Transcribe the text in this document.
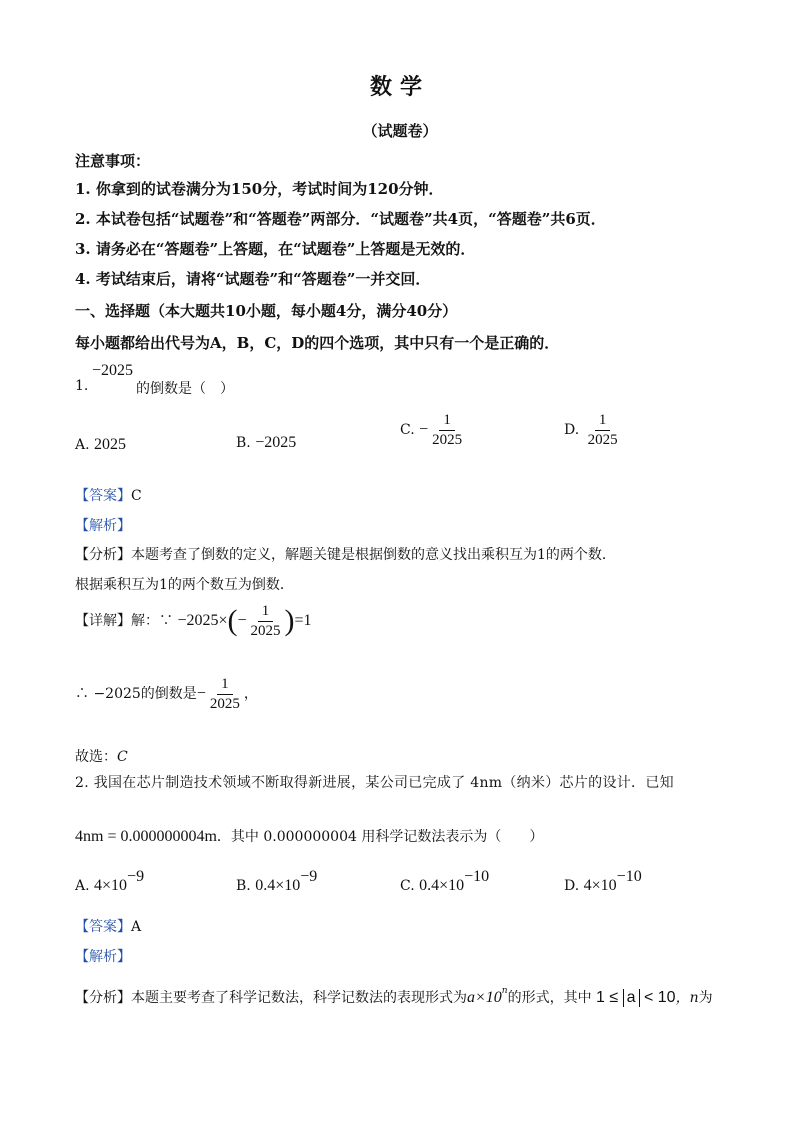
数学
（试题卷）
注意事项：
1. 你拿到的试卷满分为150分，考试时间为120分钟．
2. 本试卷包括“试题卷”和“答题卷”两部分．“试题卷”共4页，“答题卷”共6页．
3. 请务必在“答题卷”上答题，在“试题卷”上答题是无效的．
4. 考试结束后，请将“试题卷”和“答题卷”一并交回．
一、选择题（本大题共10小题，每小题4分，满分40分）
每小题都给出代号为A，B，C，D的四个选项，其中只有一个是正确的．
1.
−2025
的倒数是（　）
A. 2025	B. −2025
C. − $\frac{1}{2025}$	D. $\frac{1}{2025}$
【答案】C
【解析】
【分析】本题考查了倒数的定义，解题关键是根据倒数的意义找出乘积互为1的两个数．
根据乘积互为1的两个数互为倒数．
【详解】解：∵ $-2025\times(- \frac{1}{2025} )=1$
∴ −2025的倒数是− $\frac{1}{2025}$ ，
故选：C
2. 我国在芯片制造技术领域不断取得新进展，某公司已完成了 4nm（纳米）芯片的设计．已知
4nm = 0.000000004m．其中 0.000000004 用科学记数法表示为（　　）
A. $4\times 10^{-9}$
B. $0.4\times 10^{-9}$
C. $0.4\times 10^{-10}$
D. $4\times 10^{-10}$
【答案】A
【解析】
【分析】本题主要考查了科学记数法，科学记数法的表现形式为$a\times 10^n$的形式，其中 1 ≤ a < 10，n为
